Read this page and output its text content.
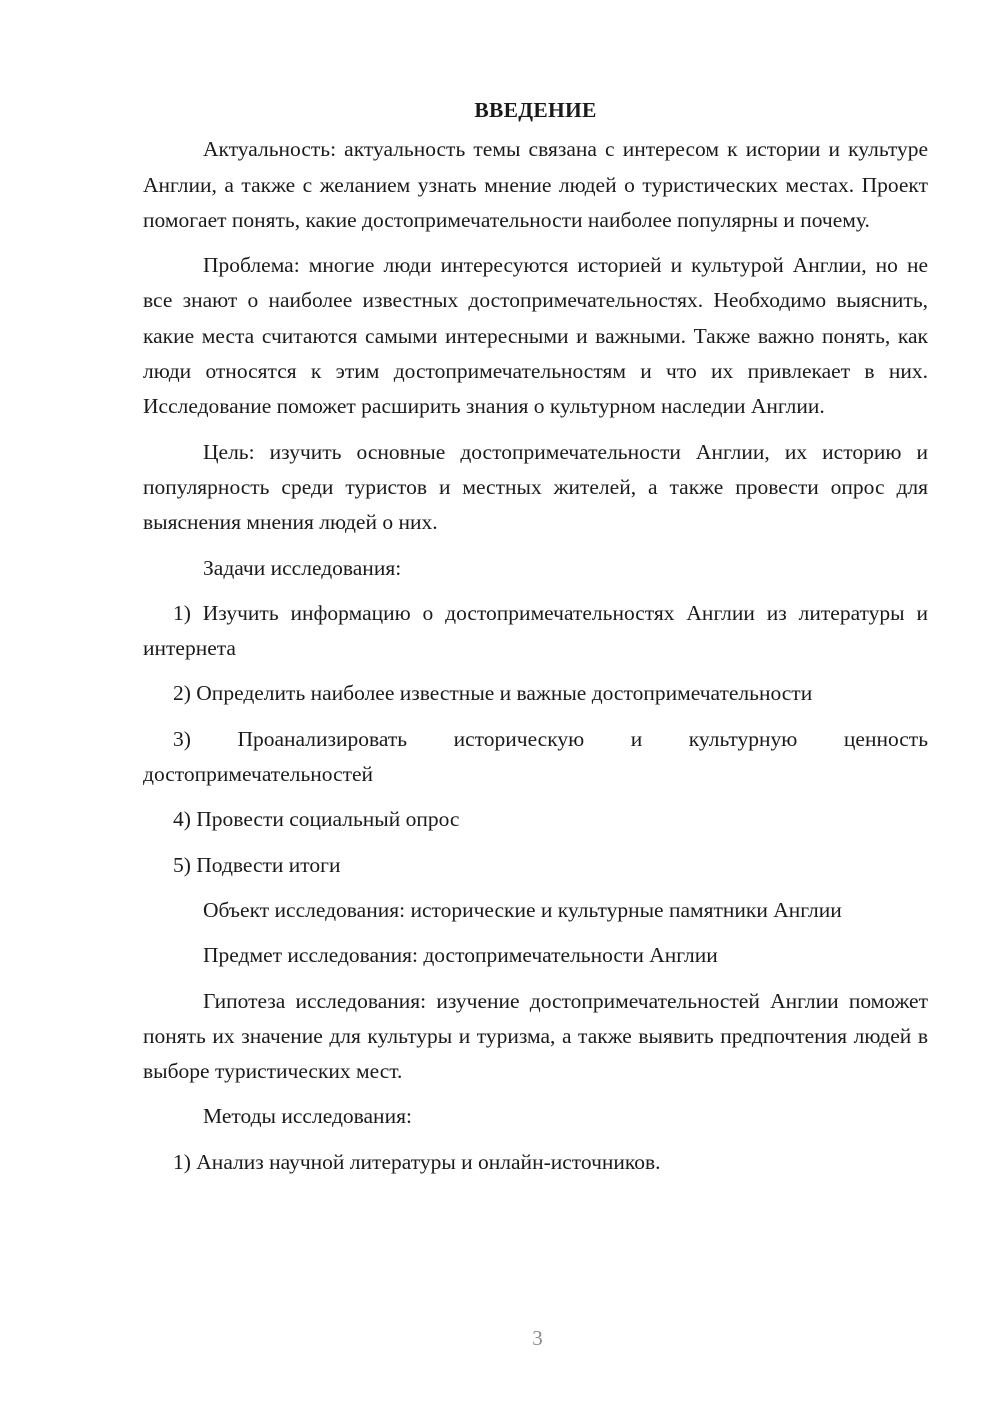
ВВЕДЕНИЕ

Актуальность: актуальность темы связана с интересом к истории и культуре Англии, а также с желанием узнать мнение людей о туристических местах. Проект помогает понять, какие достопримечательности наиболее популярны и почему.

Проблема: многие люди интересуются историей и культурой Англии, но не все знают о наиболее известных достопримечательностях. Необходимо выяснить, какие места считаются самыми интересными и важными. Также важно понять, как люди относятся к этим достопримечательностям и что их привлекает в них. Исследование поможет расширить знания о культурном наследии Англии.

Цель: изучить основные достопримечательности Англии, их историю и популярность среди туристов и местных жителей, а также провести опрос для выяснения мнения людей о них.

Задачи исследования:

1) Изучить информацию о достопримечательностях Англии из литературы и интернета

2) Определить наиболее известные и важные достопримечательности

3) Проанализировать историческую и культурную ценность достопримечательностей

4) Провести социальный опрос

5) Подвести итоги

Объект исследования: исторические и культурные памятники Англии

Предмет исследования: достопримечательности Англии

Гипотеза исследования: изучение достопримечательностей Англии поможет понять их значение для культуры и туризма, а также выявить предпочтения людей в выборе туристических мест.

Методы исследования:

1) Анализ научной литературы и онлайн-источников.

3
